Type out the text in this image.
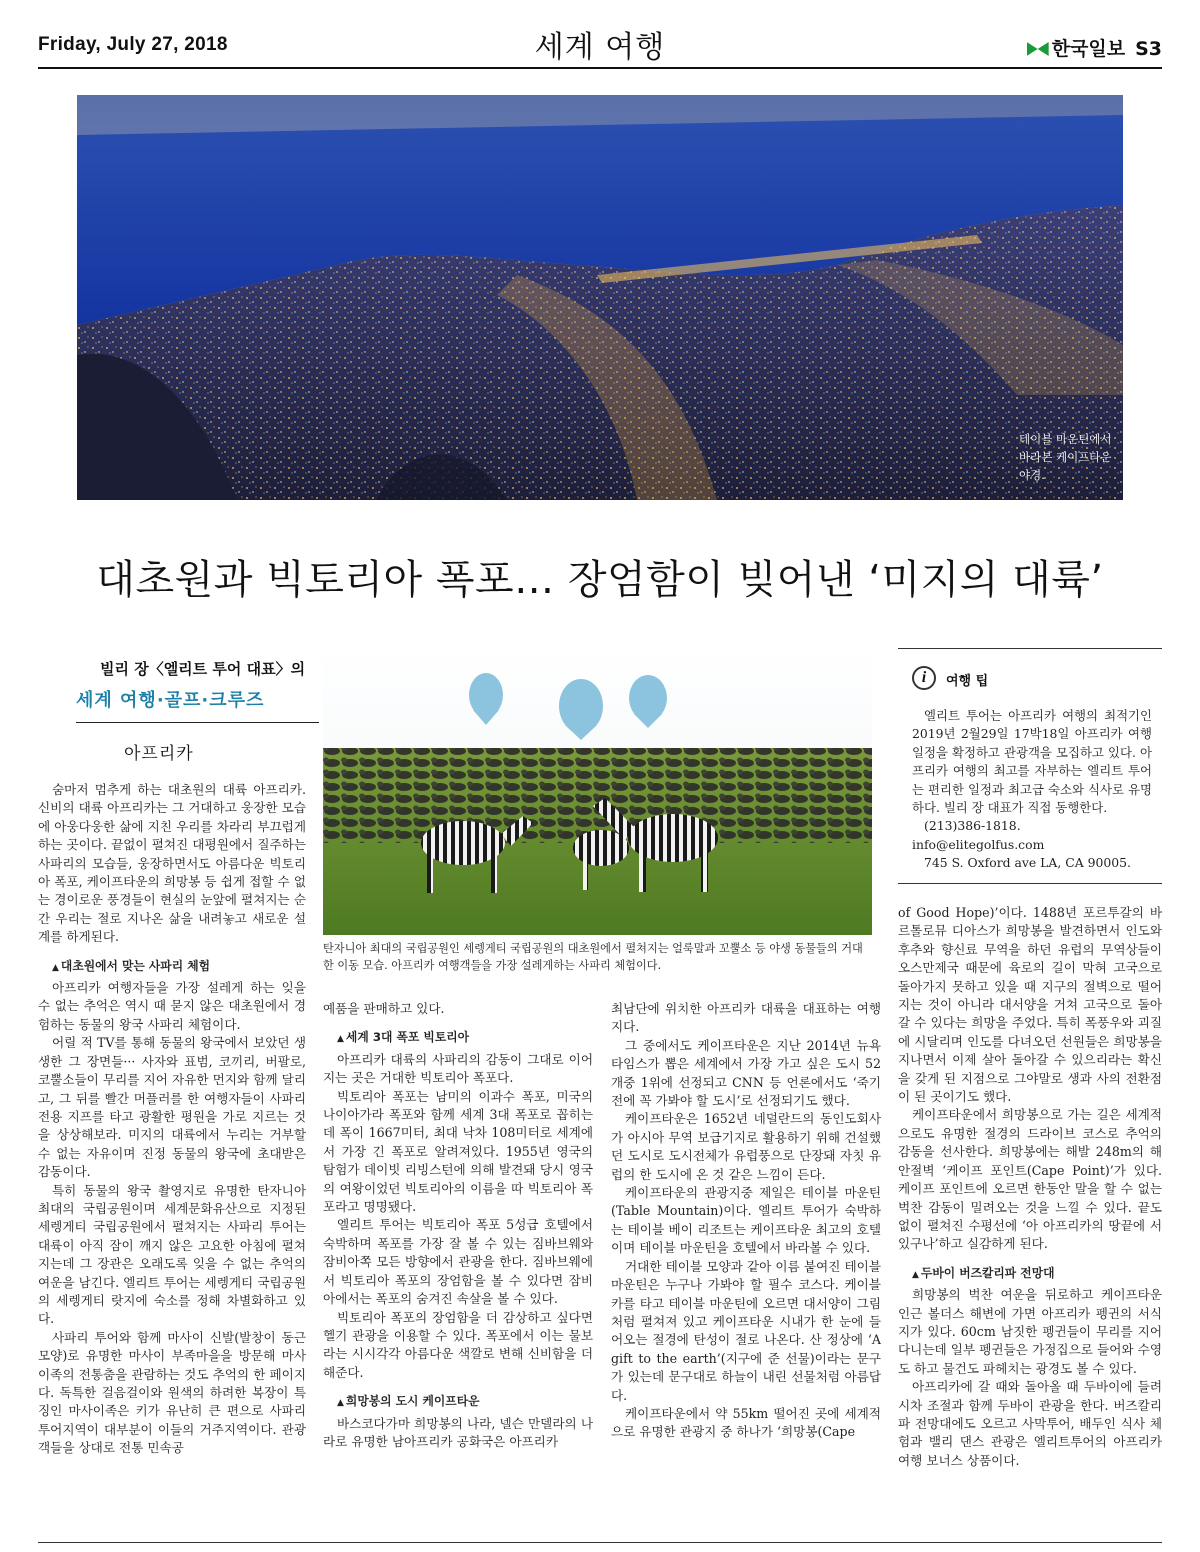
Friday, July 27, 2018	세계 여행	한국일보 S3
테이블 마운틴에서 바라본 케이프타운 야경.
대초원과 빅토리아 폭포… 장엄함이 빚어낸 ‘미지의 대륙’
빌리 장〈엘리트 투어 대표〉의
세계 여행·골프·크루즈
아프리카

숨마저 멈추게 하는 대초원의 대륙 아프리카. 신비의 대륙 아프리카는 그 거대하고 웅장한 모습에 아웅다웅한 삶에 지친 우리를 차라리 부끄럽게 하는 곳이다. 끝없이 펼쳐진 대평원에서 질주하는 사파리의 모습들, 웅장하면서도 아름다운 빅토리아 폭포, 케이프타운의 희망봉 등 쉽게 접할 수 없는 경이로운 풍경들이 현실의 눈앞에 펼쳐지는 순간 우리는 절로 지나온 삶을 내려놓고 새로운 설계를 하게된다.

▲ 대초원에서 맞는 사파리 체험

아프리카 여행자들을 가장 설레게 하는 잊을 수 없는 추억은 역시 때 묻지 않은 대초원에서 경험하는 동물의 왕국 사파리 체험이다.

어릴 적 TV를 통해 동물의 왕국에서 보았던 생생한 그 장면들··· 사자와 표범, 코끼리, 버팔로, 코뿔소들이 무리를 지어 자유한 먼지와 함께 달리고, 그 뒤를 빨간 머플러를 한 여행자들이 사파리 전용 지프를 타고 광활한 평원을 가로 지르는 것을 상상해보라. 미지의 대륙에서 누리는 거부할 수 없는 자유이며 진정 동물의 왕국에 초대받은 감동이다.

특히 동물의 왕국 촬영지로 유명한 탄자니아 최대의 국립공원이며 세계문화유산으로 지정된 세렝게티 국립공원에서 펼쳐지는 사파리 투어는 대륙이 아직 잠이 깨지 않은 고요한 아침에 펼쳐지는데 그 장관은 오래도록 잊을 수 없는 추억의 여운을 남긴다. 엘리트 투어는 세렝게티 국립공원의 세렝게티 랏지에 숙소를 정해 차별화하고 있다.

사파리 투어와 함께 마사이 신발(발창이 동근모양)로 유명한 마사이 부족마을을 방문해 마사이족의 전통춤을 관람하는 것도 추억의 한 페이지다. 독특한 걸음걸이와 원색의 하려한 복장이 특징인 마사이족은 키가 유난히 큰 편으로 사파리 투어지역이 대부분이 이들의 거주지역이다. 관광객들을 상대로 전통 민속공

탄자니아 최대의 국립공원인 세렝게티 국립공원의 대초원에서 펼쳐지는 얼룩말과 꼬뿔소 등 야생 동물들의 거대한 이동 모습. 아프리카 여행객들을 가장 설레게하는 사파리 체험이다.

예품을 판매하고 있다.

▲ 세계 3대 폭포 빅토리아

아프리카 대륙의 사파리의 감동이 그대로 이어지는 곳은 거대한 빅토리아 폭포다.

빅토리아 폭포는 남미의 이과수 폭포, 미국의 나이아가라 폭포와 함께 세계 3대 폭포로 꼽히는데 폭이 1667미터, 최대 낙차 108미터로 세계에서 가장 긴 폭포로 알려져있다. 1955년 영국의 탐험가 데이빗 리빙스턴에 의해 발견돼 당시 영국의 여왕이었던 빅토리아의 이름을 따 빅토리아 폭포라고 명명됐다.

엘리트 투어는 빅토리아 폭포 5성급 호텔에서 숙박하며 폭포를 가장 잘 볼 수 있는 짐바브웨와 잠비아쪽 모든 방향에서 관광을 한다. 짐바브웨에서 빅토리아 폭포의 장엄함을 볼 수 있다면 잠비아에서는 폭포의 숨겨진 속살을 볼 수 있다.

빅토리아 폭포의 장엄함을 더 감상하고 싶다면 헬기 관광을 이용할 수 있다. 폭포에서 이는 물보라는 시시각각 아름다운 색깔로 변해 신비함을 더해준다.

▲ 희망봉의 도시 케이프타운

바스코다가마 희망봉의 나라, 넬슨 만델라의 나라로 유명한 남아프리카 공화국은 아프리카

최남단에 위치한 아프리카 대륙을 대표하는 여행지다.

그 중에서도 케이프타운은 지난 2014년 뉴욕타임스가 뽑은 세계에서 가장 가고 싶은 도시 52개중 1위에 선정되고 CNN 등 언론에서도 ‘죽기 전에 꼭 가봐야 할 도시’로 선정되기도 했다.

케이프타운은 1652년 네덜란드의 동인도회사가 아시아 무역 보급기지로 활용하기 위해 건설했던 도시로 도시전체가 유럽풍으로 단장돼 자칫 유럽의 한 도시에 온 것 같은 느낌이 든다.

케이프타운의 관광지중 제일은 테이블 마운틴(Table Mountain)이다. 엘리트 투어가 숙박하는 테이블 베이 리조트는 케이프타운 최고의 호텔이며 테이블 마운틴을 호텔에서 바라볼 수 있다.

거대한 테이블 모양과 같아 이름 붙여진 테이블 마운틴은 누구나 가봐야 할 필수 코스다. 케이블카를 타고 테이블 마운틴에 오르면 대서양이 그림처럼 펼쳐져 있고 케이프타운 시내가 한 눈에 들어오는 절경에 탄성이 절로 나온다. 산 정상에 ‘A gift to the earth’(지구에 준 선물)이라는 문구가 있는데 문구대로 하늘이 내린 선물처럼 아름답다.

케이프타운에서 약 55km 떨어진 곳에 세계적으로 유명한 관광지 중 하나가 ‘희망봉(Cape

i	여행 팁

엘리트 투어는 아프리카 여행의 최적기인 2019년 2월29일 17박18일 아프리카 여행일정을 확정하고 관광객을 모집하고 있다. 아프리카 여행의 최고를 자부하는 엘리트 투어는 편리한 일정과 최고급 숙소와 식사로 유명하다. 빌리 장 대표가 직접 동행한다.

(213)386-1818. info@elitegolfus.com
745 S. Oxford ave LA, CA 90005.

of Good Hope)’이다. 1488년 포르투갈의 바르톨로뮤 디아스가 희망봉을 발견하면서 인도와 후추와 향신료 무역을 하던 유럽의 무역상들이 오스만제국 때문에 육로의 길이 막혀 고국으로 돌아가지 못하고 있을 때 지구의 절벽으로 떨어지는 것이 아니라 대서양을 거쳐 고국으로 돌아갈 수 있다는 희망을 주었다. 특히 폭풍우와 괴질에 시달리며 인도를 다녀오던 선원들은 희망봉을 지나면서 이제 살아 돌아갈 수 있으리라는 확신을 갖게 된 지점으로 그야말로 생과 사의 전환점이 된 곳이기도 했다.

케이프타운에서 희망봉으로 가는 길은 세계적으로도 유명한 절경의 드라이브 코스로 추억의 감동을 선사한다. 희망봉에는 해발 248m의 해안절벽 ‘케이프 포인트(Cape Point)’가 있다. 케이프 포인트에 오르면 한동안 말을 할 수 없는 벅찬 감동이 밀려오는 것을 느낄 수 있다. 끝도 없이 펼쳐진 수평선에 ‘아 아프리카의 땅끝에 서있구나’하고 실감하게 된다.

▲ 두바이 버즈칼리파 전망대

희망봉의 벅찬 여운을 뒤로하고 케이프타운 인근 볼더스 해변에 가면 아프리카 펭귄의 서식지가 있다. 60cm 남짓한 펭귄들이 무리를 지어 다니는데 일부 펭귄들은 가정집으로 들어와 수영도 하고 물건도 파헤치는 광경도 볼 수 있다.

아프리카에 갈 때와 돌아올 때 두바이에 들려 시차 조절과 함께 두바이 관광을 한다. 버즈칼리파 전망대에도 오르고 사막투어, 배두인 식사 체험과 밸리 댄스 관광은 엘리트투어의 아프리카 여행 보너스 상품이다.
